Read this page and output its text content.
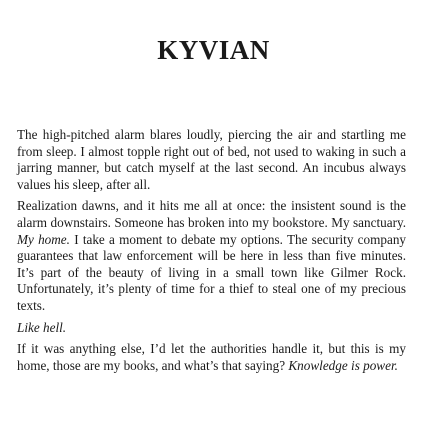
KYVIAN

The high-pitched alarm blares loudly, piercing the air and startling me from sleep. I almost topple right out of bed, not used to waking in such a jarring manner, but catch myself at the last second. An incubus always values his sleep, after all.

Realization dawns, and it hits me all at once: the insistent sound is the alarm downstairs. Someone has broken into my bookstore. My sanctuary. My home. I take a moment to debate my options. The security company guarantees that law enforcement will be here in less than five minutes. It’s part of the beauty of living in a small town like Gilmer Rock. Unfortunately, it’s plenty of time for a thief to steal one of my precious texts.

Like hell.

If it was anything else, I’d let the authorities handle it, but this is my home, those are my books, and what’s that saying? Knowledge is power.
